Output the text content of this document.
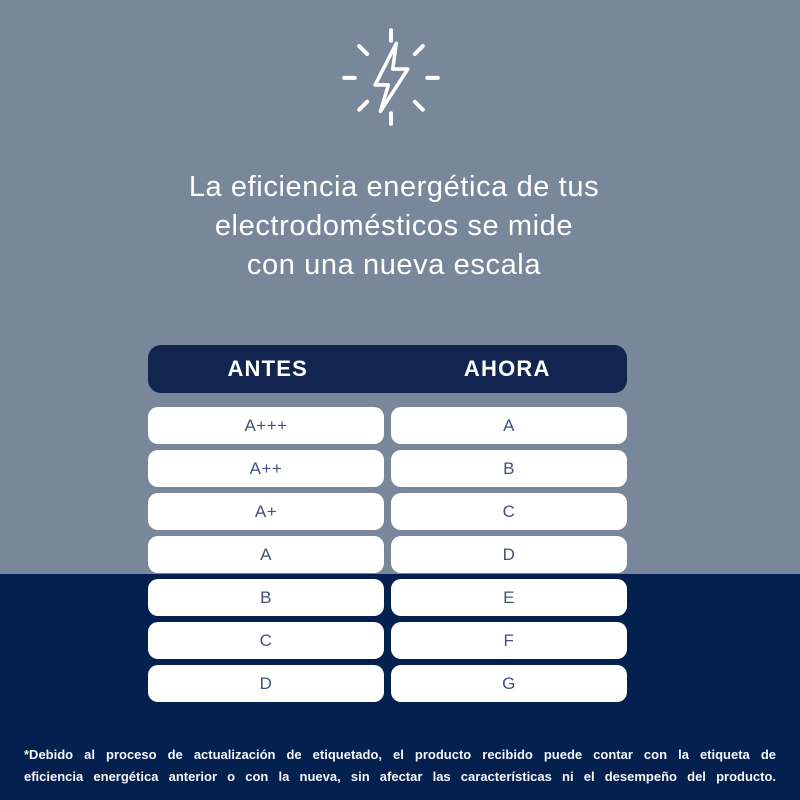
La eficiencia energética de tus
electrodomésticos se mide
con una nueva escala
ANTES	AHORA
A+++	A
A++	B
A+	C
A	D
B	E
C	F
D	G
*Debido al proceso de actualización de etiquetado, el producto recibido puede contar con la etiqueta de
eficiencia energética anterior o con la nueva, sin afectar las características ni el desempeño del producto.
